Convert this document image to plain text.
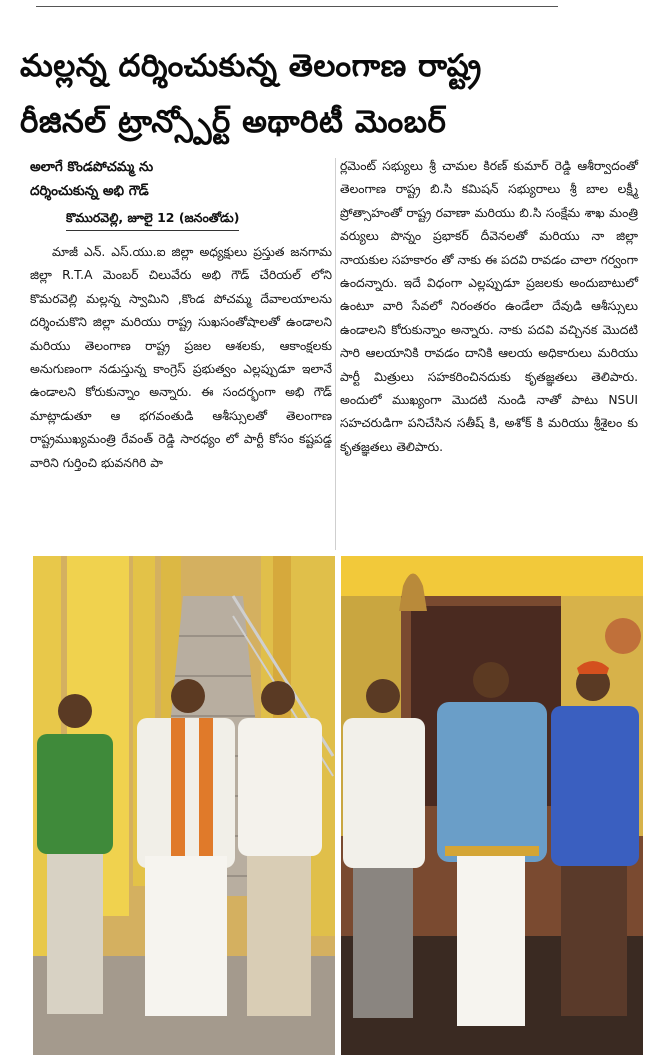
మల్లన్న దర్శించుకున్న తెలంగాణ రాష్ట్ర
రీజినల్ ట్రాన్స్పోర్ట్ అథారిటీ మెంబర్
అలాగే కొండపోచమ్మ ను
దర్శించుకున్న అభి గౌడ్
కొమురవెల్లి, జూలై 12 (జనంతోడు)

మాజీ ఎన్. ఎస్.యు.ఐ జిల్లా అధ్యక్షులు ప్రస్తుత జనగామ జిల్లా R.T.A మెంబర్ చిలువేరు అభి గౌడ్ చేరియల్ లోని కొమరవెల్లి మల్లన్న స్వామిని ,కొండ పోచమ్మ దేవాలయాలను దర్శించుకొని జిల్లా మరియు రాష్ట్ర సుఖసంతోషాలతో ఉండాలని మరియు తెలంగాణ రాష్ట్ర ప్రజల ఆశలకు, ఆకాంక్షలకు అనుగుణంగా నడుస్తున్న కాంగ్రెస్ ప్రభుత్వం ఎల్లప్పుడూ ఇలానే ఉండాలని కోరుకున్నాం అన్నారు. ఈ సందర్భంగా అభి గౌడ్ మాట్లాడుతూ ఆ భగవంతుడి ఆశీస్సులతో తెలంగాణ రాష్ట్రముఖ్యమంత్రి రేవంత్ రెడ్డి సారధ్యం లో పార్టీ కోసం కష్టపడ్డ వారిని గుర్తించి భువనగిరి పా

ర్లమెంట్ సభ్యులు శ్రీ చామల కిరణ్ కుమార్ రెడ్డి ఆశీర్వాదంతో తెలంగాణ రాష్ట్ర బి.సి కమిషన్ సభ్యురాలు శ్రీ బాల లక్ష్మీ ప్రోత్సాహంతో రాష్ట్ర రవాణా మరియు బి.సి సంక్షేమ శాఖ మంత్రి వర్యులు పొన్నం ప్రభాకర్ దీవెనలతో మరియు నా జిల్లా నాయకుల సహకారం తో నాకు ఈ పదవి రావడం చాలా గర్వంగా ఉందన్నారు. ఇదే విధంగా ఎల్లప్పుడూ ప్రజలకు అందుబాటులో ఉంటూ వారి సేవలో నిరంతరం ఉండేలా దేవుడి ఆశీస్సులు ఉండాలని కోరుకున్నాం అన్నారు. నాకు పదవి వచ్చినక మొదటి సారి ఆలయానికి రావడం దానికి ఆలయ అధికారులు మరియు పార్టీ మిత్రులు సహకరించినదుకు కృతజ్ఞతలు తెలిపారు. అందులో ముఖ్యంగా మొదటి నుండి నాతో పాటు NSUI సహచరుడిగా పనిచేసిన సతీష్ కి, అశోక్ కి మరియు శ్రీశైలం కు కృతజ్ఞతలు తెలిపారు.
